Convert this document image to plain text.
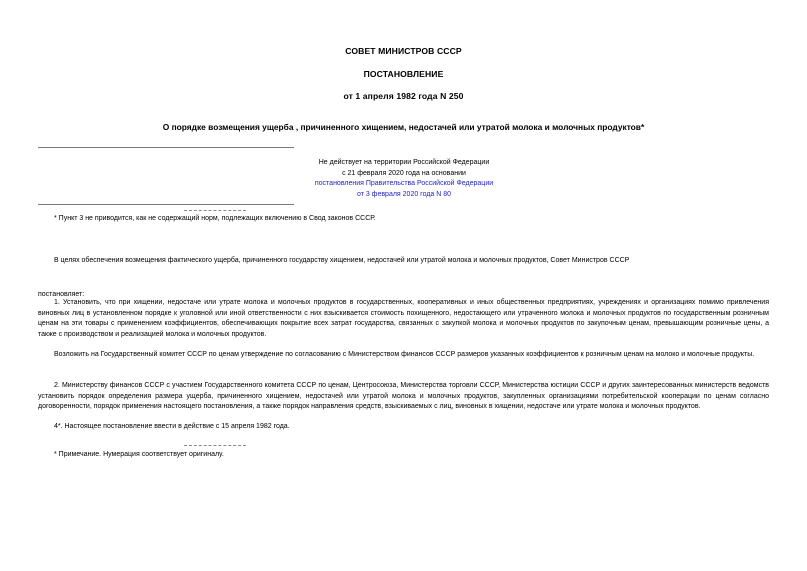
СОВЕТ МИНИСТРОВ СССР
ПОСТАНОВЛЕНИЕ
от 1 апреля 1982 года N 250
О порядке возмещения ущерба , причиненного хищением, недостачей или утратой молока и молочных продуктов*
Не действует на территории Российской Федерации
с 21 февраля 2020 года на основании
постановления Правительства Российской Федерации
от 3 февраля 2020 года N 80
* Пункт 3 не приводится, как не содержащий норм, подлежащих включению в Свод законов СССР.
В целях обеспечения возмещения фактического ущерба, причиненного государству хищением, недостачей или утратой молока и молочных продуктов, Совет Министров СССР
постановляет:
1. Установить, что при хищении, недостаче или утрате молока и молочных продуктов в государственных, кооперативных и иных общественных предприятиях, учреждениях и организациях помимо привлечения виновных лиц в установленном порядке к уголовной или иной ответственности с них взыскивается стоимость похищенного, недостающего или утраченного молока и молочных продуктов по государственным розничным ценам на эти товары с применением коэффициентов, обеспечивающих покрытие всех затрат государства, связанных с закупкой молока и молочных продуктов по закупочным ценам, превышающим розничные цены, а также с производством и реализацией молока и молочных продуктов.
Возложить на Государственный комитет СССР по ценам утверждение по согласованию с Министерством финансов СССР размеров указанных коэффициентов к розничным ценам на молоко и молочные продукты.
2. Министерству финансов СССР с участием Государственного комитета СССР по ценам, Центросоюза, Министерства торговли СССР, Министерства юстиции СССР и других заинтересованных министерств ведомств установить порядок определения размера ущерба, причиненного хищением, недостачей или утратой молока и молочных продуктов, закупленных организациями потребительской кооперации по ценам согласно договоренности, порядок применения настоящего постановления, а также порядок направления средств, взыскиваемых с лиц, виновных в хищении, недостаче или утрате молока и молочных продуктов.
4*. Настоящее постановление ввести в действие с 15 апреля 1982 года.
* Примечание. Нумерация соответствует оригиналу.
